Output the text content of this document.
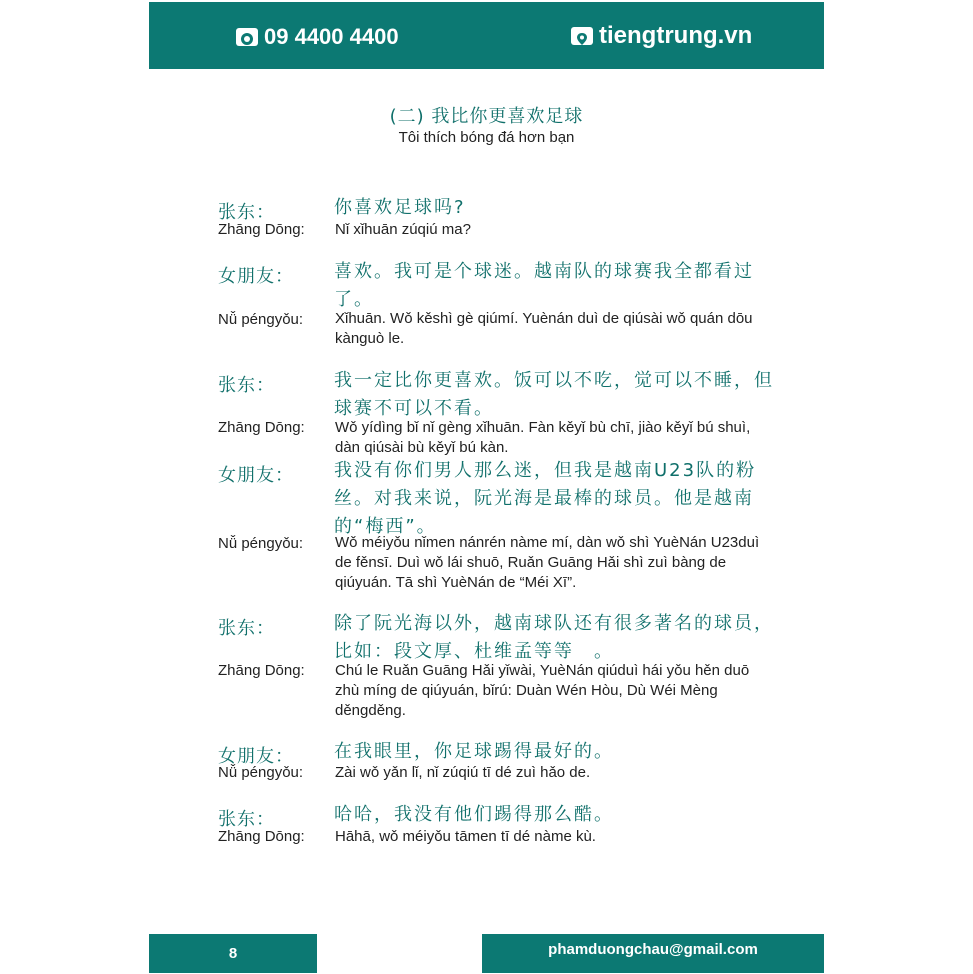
09 4400 4400	tiengtrung.vn
(二) 我比你更喜欢足球
Tôi thích bóng đá hơn bạn
张东：	你喜欢足球吗?
Zhāng Dōng: Nǐ xǐhuān zúqiú ma?
女朋友： 喜欢。我可是个球迷。越南队的球赛我全都看过了。
Nǚ péngyǒu: Xǐhuān. Wǒ kěshì gè qiúmí. Yuènán duì de qiúsài wǒ quán dōu kànguò le.
张东：	我一定比你更喜欢。饭可以不吃，觉可以不睡，但球赛不可以不看。
Zhāng Dōng: Wǒ yídìng bǐ nǐ gèng xǐhuān. Fàn kěyǐ bù chī, jiào kěyǐ bú shuì, dàn qiúsài bù kěyǐ bú kàn.
女朋友： 我没有你们男人那么迷，但我是越南U23队的粉丝。对我来说，阮光海是最棒的球员。他是越南的“梅西”。
Nǚ péngyǒu: Wǒ méiyǒu nǐmen nánrén nàme mí, dàn wǒ shì YuèNán U23duì de fěnsī. Duì wǒ lái shuō, Ruǎn Guāng Hǎi shì zuì bàng de qiúyuán. Tā shì YuèNán de “Méi Xī”.
张东：	除了阮光海以外，越南球队还有很多著名的球员，比如：段文厚、杜维孟等等　。
Zhāng Dōng: Chú le Ruǎn Guāng Hǎi yǐwài, YuèNán qiúduì hái yǒu hěn duō zhù míng de qiúyuán, bǐrú: Duàn Wén Hòu, Dù Wéi Mèng děngděng.
女朋友： 在我眼里，你足球踢得最好的。
Nǚ péngyǒu: Zài wǒ yǎn lǐ, nǐ zúqiú tī dé zuì hǎo de.
张东：	哈哈，我没有他们踢得那么酷。
Zhāng Dōng: Hāhā, wǒ méiyǒu tāmen tī dé nàme kù.
8	phamduongchau@gmail.com
